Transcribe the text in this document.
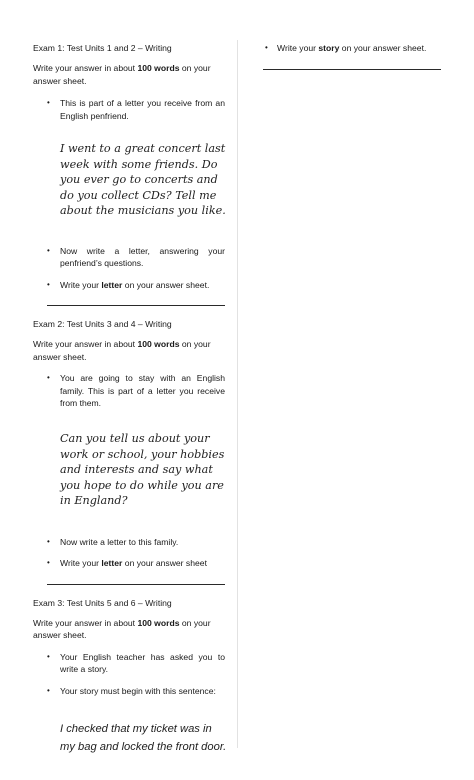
Exam 1: Test Units 1 and 2 – Writing
Write your answer in about 100 words on your answer sheet.
• This is part of a letter you receive from an English penfriend.
I went to a great concert last week with some friends. Do you ever go to concerts and do you collect CDs? Tell me about the musicians you like.
• Now write a letter, answering your penfriend’s questions.
• Write your letter on your answer sheet.
Exam 2: Test Units 3 and 4 – Writing
Write your answer in about 100 words on your answer sheet.
• You are going to stay with an English family. This is part of a letter you receive from them.
Can you tell us about your work or school, your hobbies and interests and say what you hope to do while you are in England?
• Now write a letter to this family.
• Write your letter on your answer sheet
Exam 3: Test Units 5 and 6 – Writing
Write your answer in about 100 words on your answer sheet.
• Your English teacher has asked you to write a story.
• Your story must begin with this sentence:
I checked that my ticket was in my bag and locked the front door.
• Write your story on your answer sheet.
